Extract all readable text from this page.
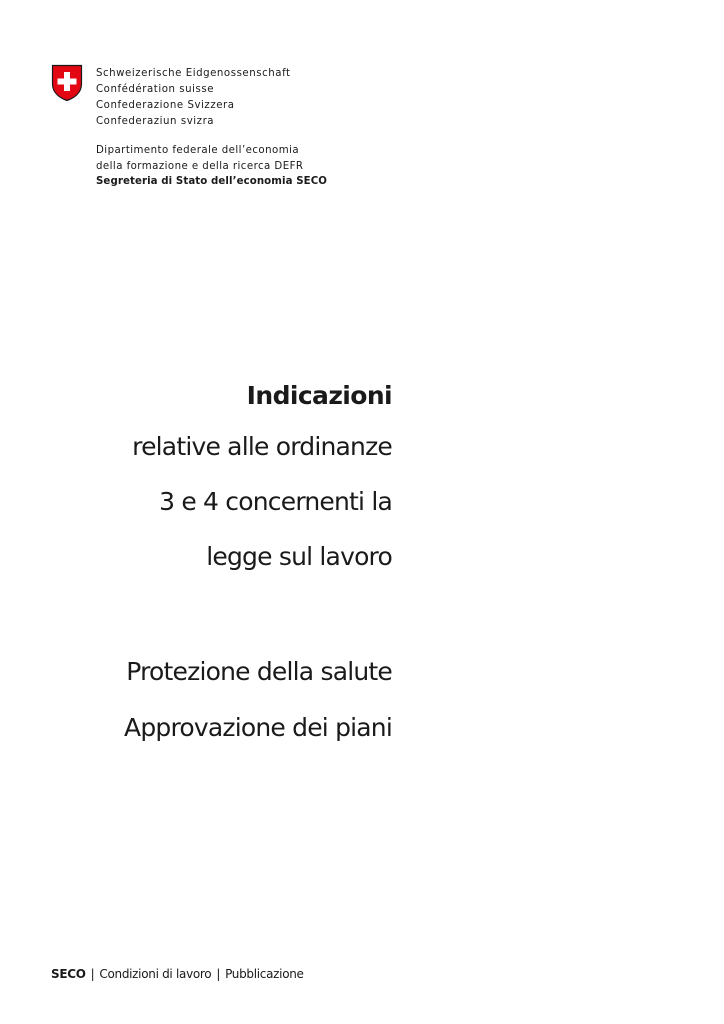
Schweizerische Eidgenossenschaft
Confédération suisse
Confederazione Svizzera
Confederaziun svizra
Dipartimento federale dell’economia
della formazione e della ricerca DEFR
Segreteria di Stato dell’economia SECO
Indicazioni
relative alle ordinanze
3 e 4 concernenti la
legge sul lavoro
Protezione della salute
Approvazione dei piani
SECO | Condizioni di lavoro | Pubblicazione
